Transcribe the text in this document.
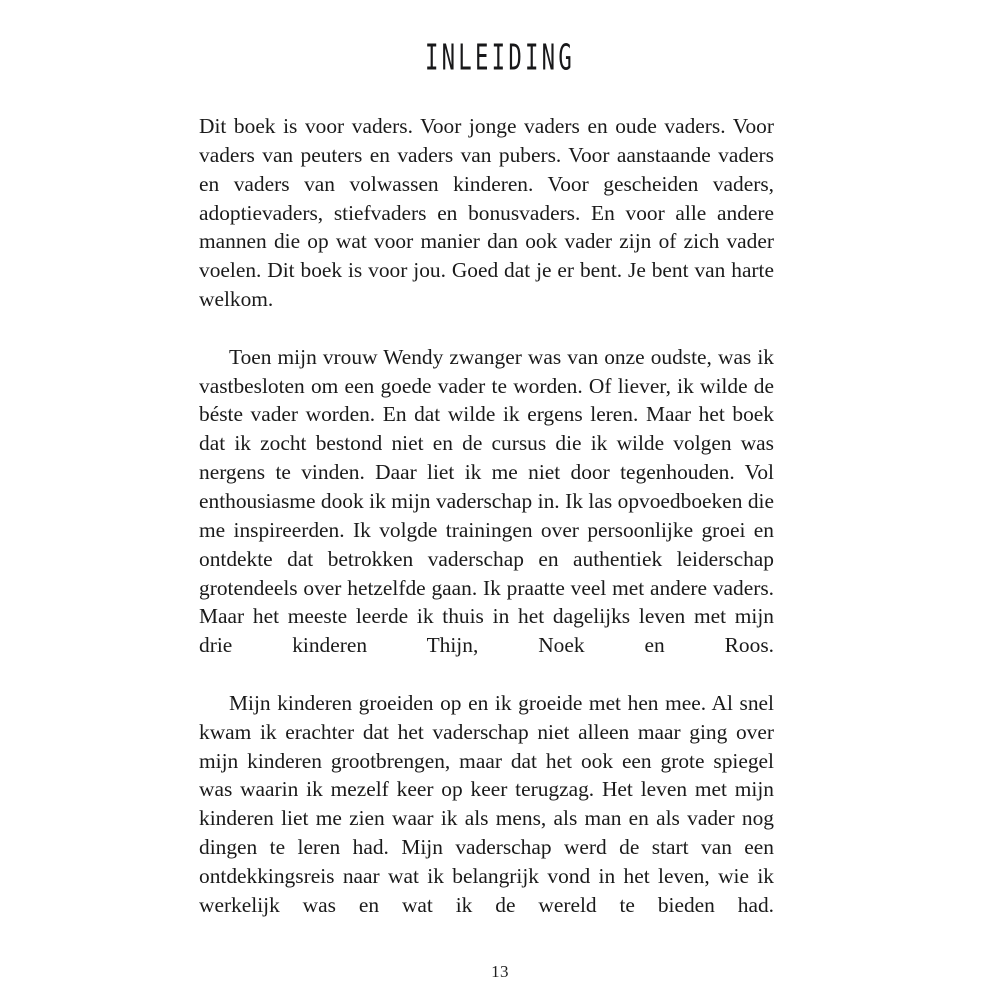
INLEIDING

Dit boek is voor vaders. Voor jonge vaders en oude vaders. Voor vaders van peuters en vaders van pubers. Voor aanstaande vaders en vaders van volwassen kinderen. Voor gescheiden vaders, adoptievaders, stiefvaders en bonusvaders. En voor alle andere mannen die op wat voor manier dan ook vader zijn of zich vader voelen. Dit boek is voor jou. Goed dat je er bent. Je bent van harte welkom.

Toen mijn vrouw Wendy zwanger was van onze oudste, was ik vastbesloten om een goede vader te worden. Of liever, ik wilde de béste vader worden. En dat wilde ik ergens leren. Maar het boek dat ik zocht bestond niet en de cursus die ik wilde volgen was nergens te vinden. Daar liet ik me niet door tegenhouden. Vol enthousiasme dook ik mijn vaderschap in. Ik las opvoedboeken die me inspireerden. Ik volgde trainingen over persoonlijke groei en ontdekte dat betrokken vaderschap en authentiek leiderschap grotendeels over hetzelfde gaan. Ik praatte veel met andere vaders. Maar het meeste leerde ik thuis in het dagelijks leven met mijn drie kinderen Thijn, Noek en Roos.

Mijn kinderen groeiden op en ik groeide met hen mee. Al snel kwam ik erachter dat het vaderschap niet alleen maar ging over mijn kinderen grootbrengen, maar dat het ook een grote spiegel was waarin ik mezelf keer op keer terugzag. Het leven met mijn kinderen liet me zien waar ik als mens, als man en als vader nog dingen te leren had. Mijn vaderschap werd de start van een ontdekkingsreis naar wat ik belangrijk vond in het leven, wie ik werkelijk was en wat ik de wereld te bieden had.

13
